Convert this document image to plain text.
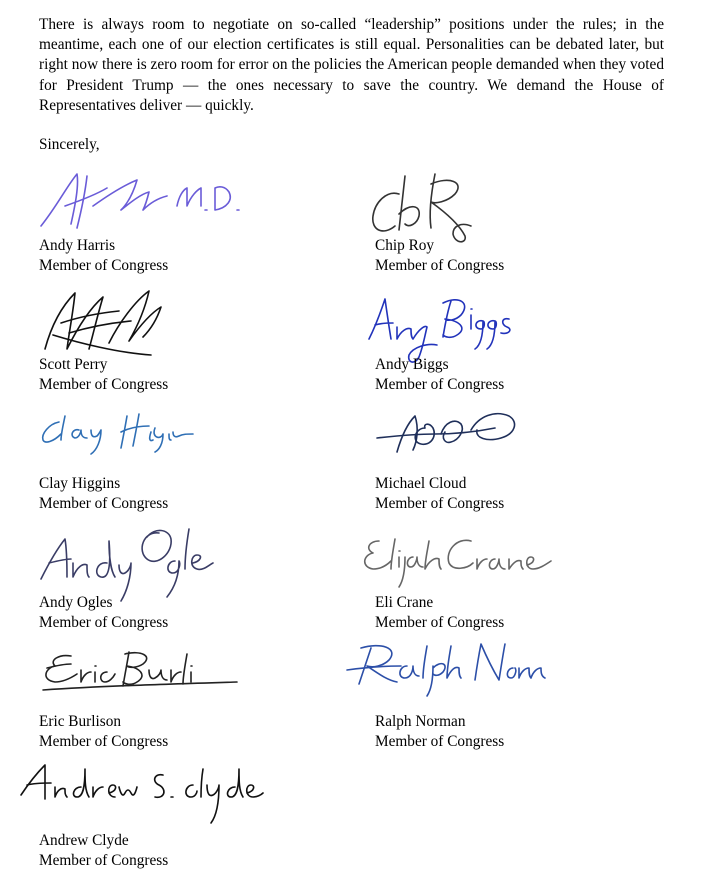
There is always room to negotiate on so-called “leadership” positions under the rules; in the meantime, each one of our election certificates is still equal. Personalities can be debated later, but right now there is zero room for error on the policies the American people demanded when they voted for President Trump — the ones necessary to save the country. We demand the House of Representatives deliver — quickly.

Sincerely,

Andy Harris
Member of Congress
Chip Roy
Member of Congress
Scott Perry
Member of Congress
Andy Biggs
Member of Congress
Clay Higgins
Member of Congress
Michael Cloud
Member of Congress
Andy Ogles
Member of Congress
Eli Crane
Member of Congress
Eric Burlison
Member of Congress
Ralph Norman
Member of Congress
Andrew Clyde
Member of Congress
